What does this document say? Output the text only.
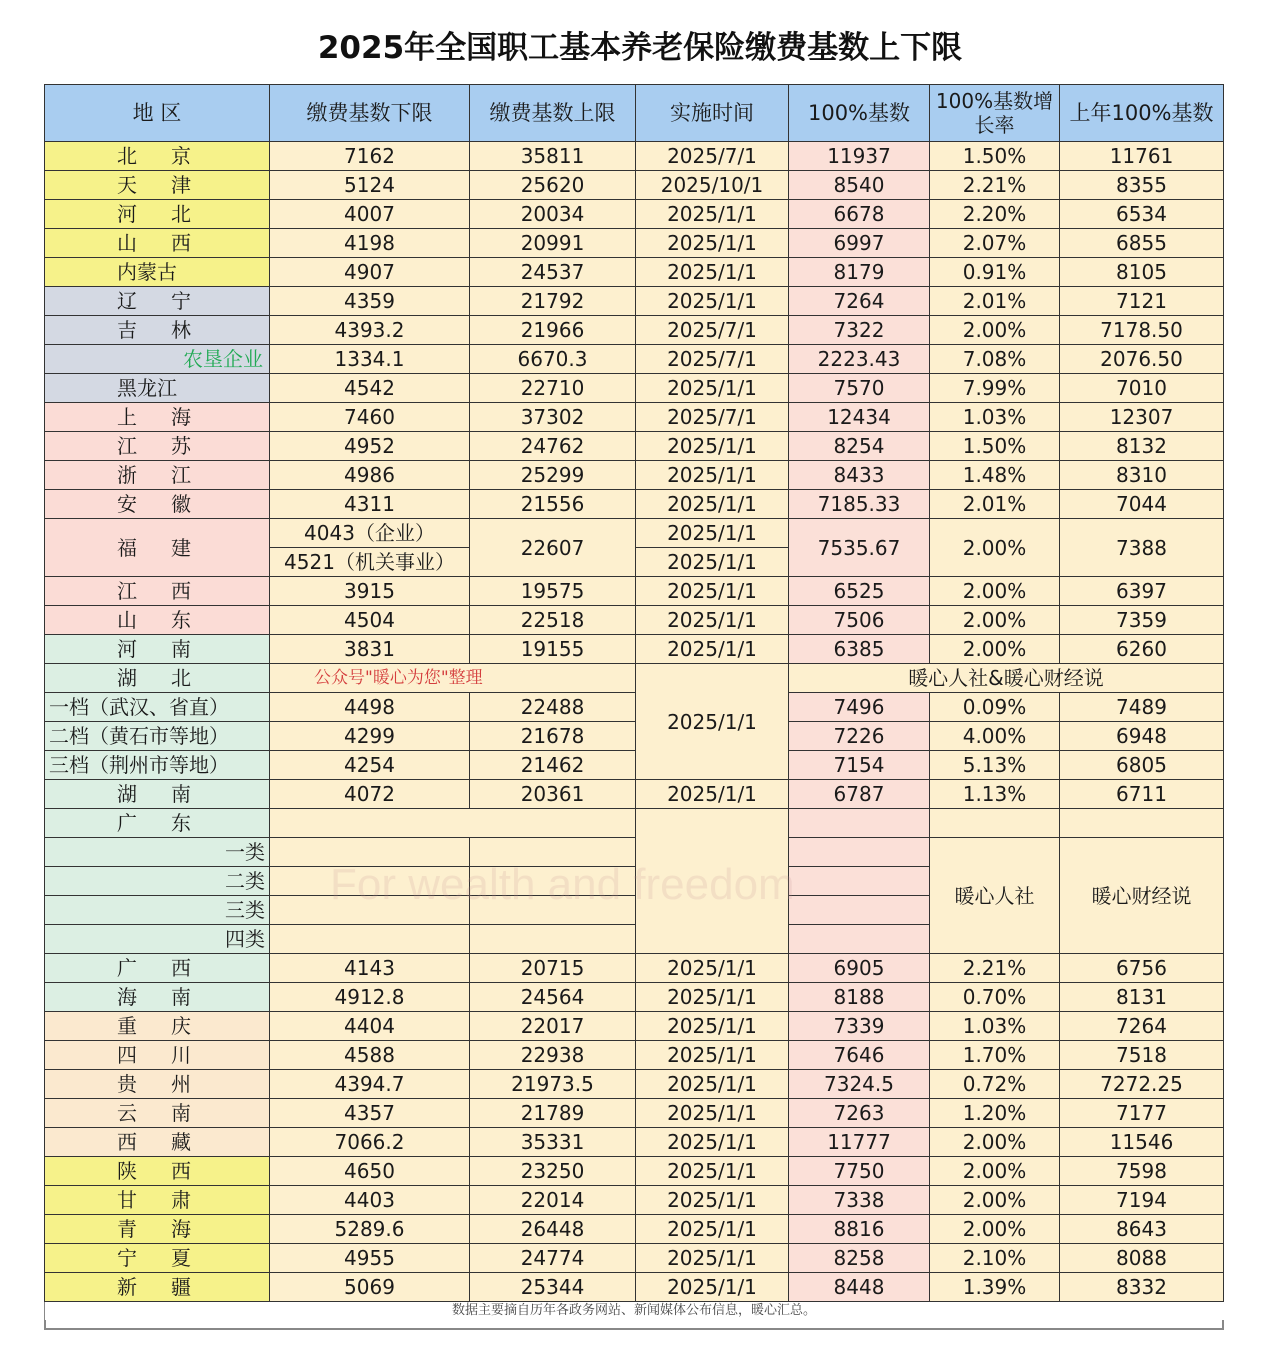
2025年全国职工基本养老保险缴费基数上下限
地 区	缴费基数下限	缴费基数上限	实施时间	100%基数	100%基数增长率	上年100%基数
北京	7162	35811	2025/7/1	11937	1.50%	11761
天津	5124	25620	2025/10/1	8540	2.21%	8355
河北	4007	20034	2025/1/1	6678	2.20%	6534
山西	4198	20991	2025/1/1	6997	2.07%	6855
内蒙古	4907	24537	2025/1/1	8179	0.91%	8105
辽宁	4359	21792	2025/1/1	7264	2.01%	7121
吉林	4393.2	21966	2025/7/1	7322	2.00%	7178.50
农垦企业	1334.1	6670.3	2025/7/1	2223.43	7.08%	2076.50
黑龙江	4542	22710	2025/1/1	7570	7.99%	7010
上海	7460	37302	2025/7/1	12434	1.03%	12307
江苏	4952	24762	2025/1/1	8254	1.50%	8132
浙江	4986	25299	2025/1/1	8433	1.48%	8310
安徽	4311	21556	2025/1/1	7185.33	2.01%	7044
福建	4043（企业）	22607	2025/1/1	7535.67	2.00%	7388
	4521（机关事业）		2025/1/1			
江西	3915	19575	2025/1/1	6525	2.00%	6397
山东	4504	22518	2025/1/1	7506	2.00%	7359
河南	3831	19155	2025/1/1	6385	2.00%	6260
湖北	公众号"暖心为您"整理		2025/1/1	暖心人社&暖心财经说		
一档（武汉、省直）	4498	22488		7496	0.09%	7489
二档（黄石市等地）	4299	21678		7226	4.00%	6948
三档（荆州市等地）	4254	21462		7154	5.13%	6805
湖南	4072	20361	2025/1/1	6787	1.13%	6711
广东						
一类					暖心人社	暖心财经说
二类						
三类						
四类						
广西	4143	20715	2025/1/1	6905	2.21%	6756
海南	4912.8	24564	2025/1/1	8188	0.70%	8131
重庆	4404	22017	2025/1/1	7339	1.03%	7264
四川	4588	22938	2025/1/1	7646	1.70%	7518
贵州	4394.7	21973.5	2025/1/1	7324.5	0.72%	7272.25
云南	4357	21789	2025/1/1	7263	1.20%	7177
西藏	7066.2	35331	2025/1/1	11777	2.00%	11546
陕西	4650	23250	2025/1/1	7750	2.00%	7598
甘肃	4403	22014	2025/1/1	7338	2.00%	7194
青海	5289.6	26448	2025/1/1	8816	2.00%	8643
宁夏	4955	24774	2025/1/1	8258	2.10%	8088
新疆	5069	25344	2025/1/1	8448	1.39%	8332
数据主要摘自历年各政务网站、新闻媒体公布信息，暖心汇总。						
